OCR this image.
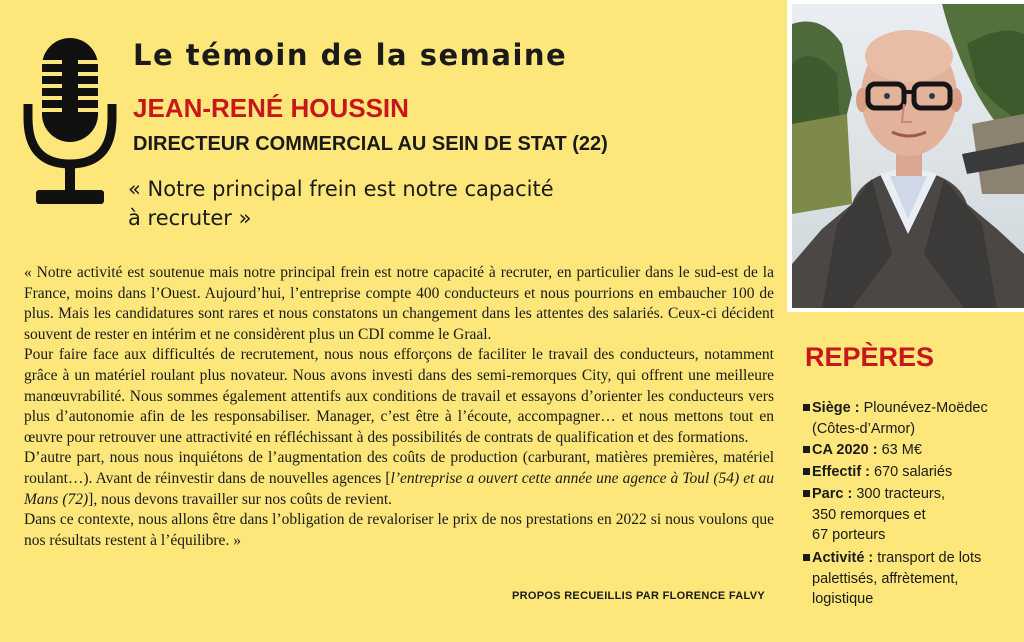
Le témoin de la semaine
JEAN-RENÉ HOUSSIN
DIRECTEUR COMMERCIAL AU SEIN DE STAT (22)
« Notre principal frein est notre capacité
à recruter »

« Notre activité est soutenue mais notre principal frein est notre capacité à recruter, en particulier dans le sud-est de la France, moins dans l’Ouest. Aujourd’hui, l’entreprise compte 400 conducteurs et nous pourrions en embaucher 100 de plus. Mais les candidatures sont rares et nous constatons un changement dans les attentes des salariés. Ceux-ci décident souvent de rester en intérim et ne considèrent plus un CDI comme le Graal.

Pour faire face aux difficultés de recrutement, nous nous efforçons de faciliter le travail des conducteurs, notamment grâce à un matériel roulant plus novateur. Nous avons investi dans des semi-remorques City, qui offrent une meilleure manœuvrabilité. Nous sommes également attentifs aux conditions de travail et essayons d’orienter les conducteurs vers plus d’autonomie afin de les responsabiliser. Manager, c’est être à l’écoute, accompagner… et nous mettons tout en œuvre pour retrouver une attractivité en réfléchissant à des possibilités de contrats de qualification et des formations.

D’autre part, nous nous inquiétons de l’augmentation des coûts de production (carburant, matières premières, matériel roulant…). Avant de réinvestir dans de nouvelles agences [l’entreprise a ouvert cette année une agence à Toul (54) et au Mans (72)], nous devons travailler sur nos coûts de revient.

Dans ce contexte, nous allons être dans l’obligation de revaloriser le prix de nos prestations en 2022 si nous voulons que nos résultats restent à l’équilibre. »

PROPOS RECUEILLIS PAR FLORENCE FALVY
REPÈRES
Siège : Plounévez-Moëdec
(Côtes-d’Armor)
CA 2020 : 63 M€
Effectif : 670 salariés
Parc : 300 tracteurs,
350 remorques et
67 porteurs
Activité : transport de lots
palettisés, affrètement,
logistique
